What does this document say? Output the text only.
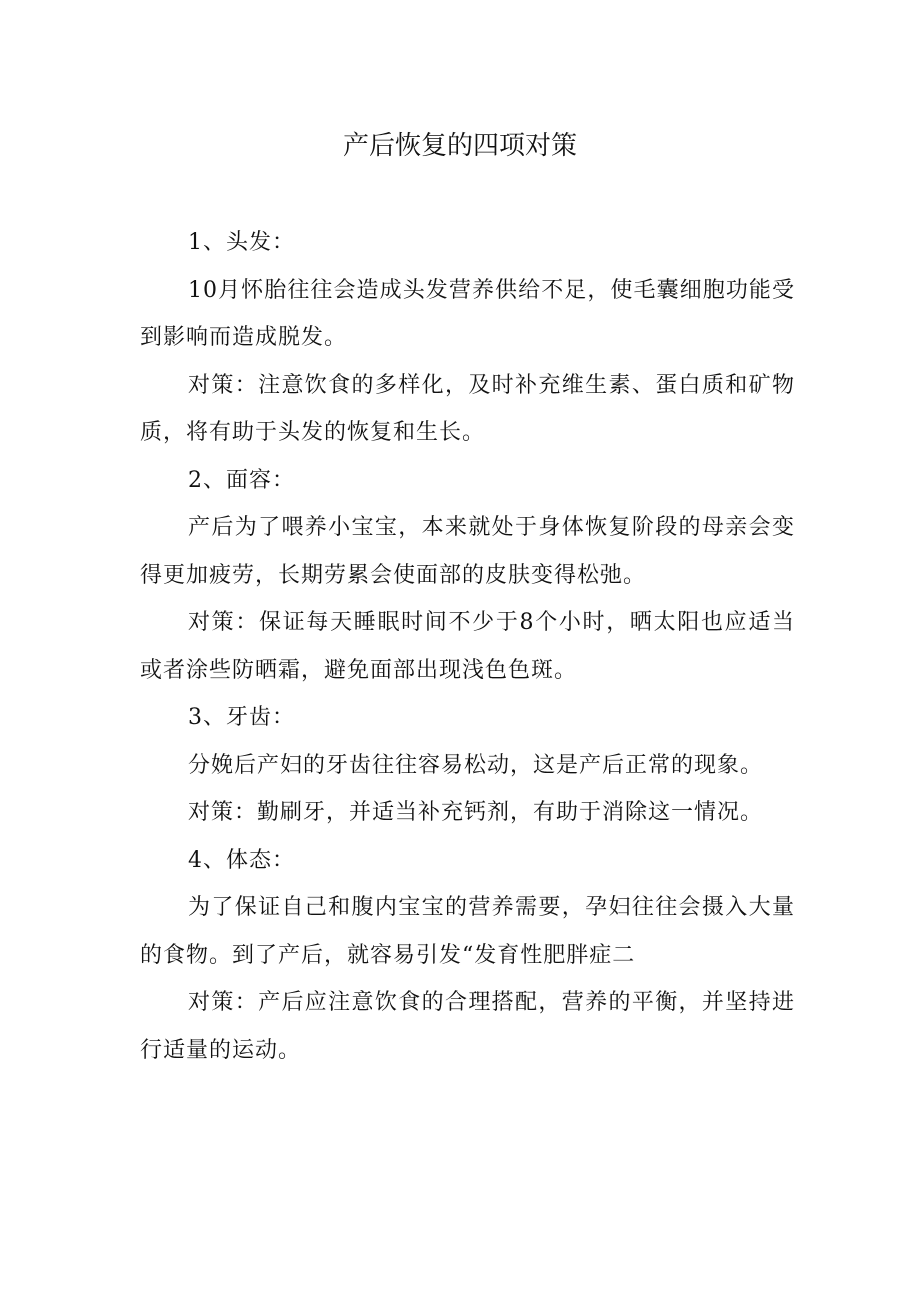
产后恢复的四项对策

1、头发：

10月怀胎往往会造成头发营养供给不足，使毛囊细胞功能受到影响而造成脱发。

对策：注意饮食的多样化，及时补充维生素、蛋白质和矿物质，将有助于头发的恢复和生长。

2、面容：

产后为了喂养小宝宝，本来就处于身体恢复阶段的母亲会变得更加疲劳，长期劳累会使面部的皮肤变得松弛。

对策：保证每天睡眠时间不少于8个小时，晒太阳也应适当或者涂些防晒霜，避免面部出现浅色色斑。

3、牙齿：

分娩后产妇的牙齿往往容易松动，这是产后正常的现象。

对策：勤刷牙，并适当补充钙剂，有助于消除这一情况。

4、体态：

为了保证自己和腹内宝宝的营养需要，孕妇往往会摄入大量的食物。到了产后，就容易引发“发育性肥胖症二

对策：产后应注意饮食的合理搭配，营养的平衡，并坚持进行适量的运动。
